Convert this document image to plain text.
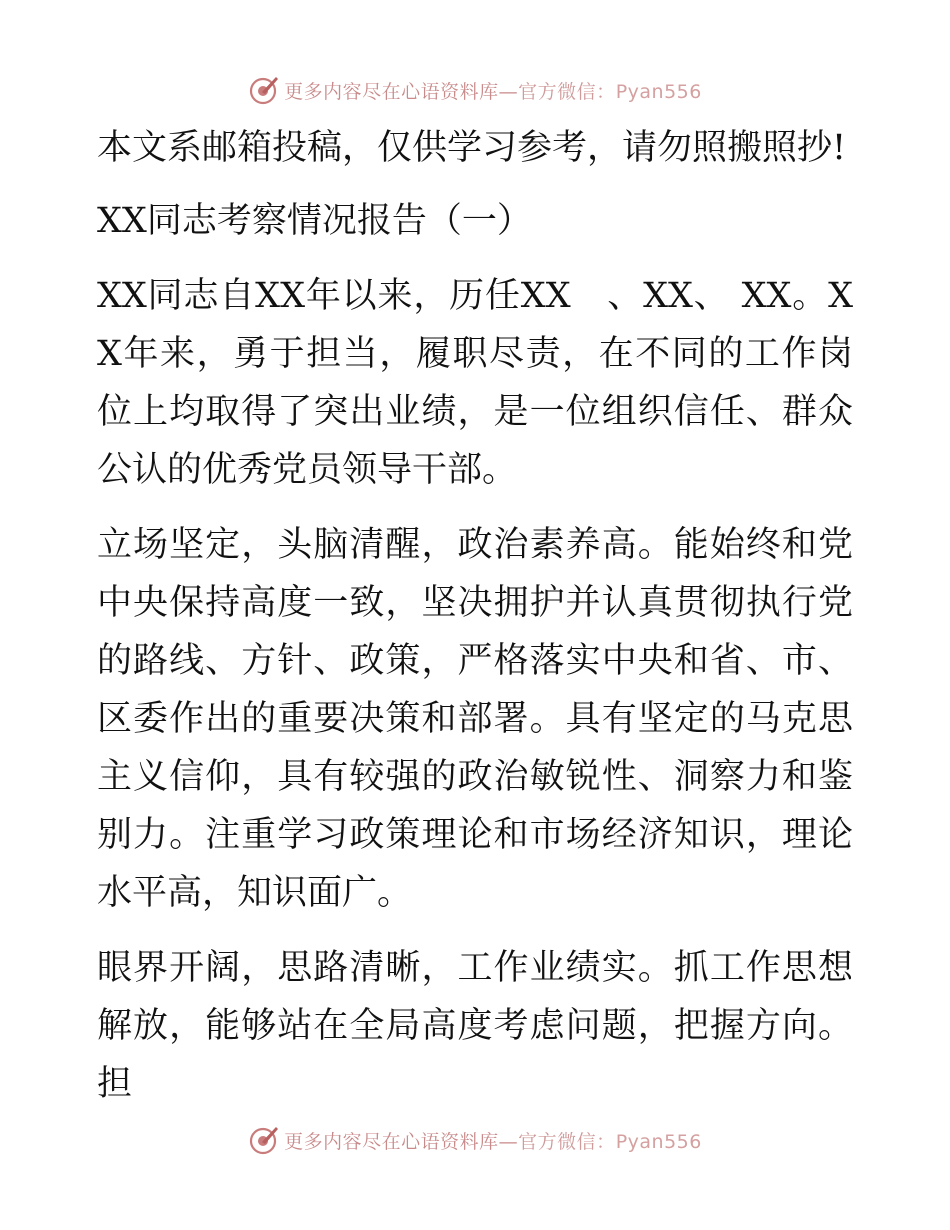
更多内容尽在心语资料库—官方微信：Pyan556

本文系邮箱投稿，仅供学习参考，请勿照搬照抄!

XX同志考察情况报告（一）

XX同志自XX年以来，历任XX　、XX、 XX。XX年来，勇于担当，履职尽责，在不同的工作岗位上均取得了突出业绩，是一位组织信任、群众公认的优秀党员领导干部。

立场坚定，头脑清醒，政治素养高。能始终和党中央保持高度一致，坚决拥护并认真贯彻执行党的路线、方针、政策，严格落实中央和省、市、区委作出的重要决策和部署。具有坚定的马克思主义信仰，具有较强的政治敏锐性、洞察力和鉴别力。注重学习政策理论和市场经济知识，理论水平高，知识面广。

眼界开阔，思路清晰，工作业绩实。抓工作思想解放，能够站在全局高度考虑问题，把握方向。担

更多内容尽在心语资料库—官方微信：Pyan556
